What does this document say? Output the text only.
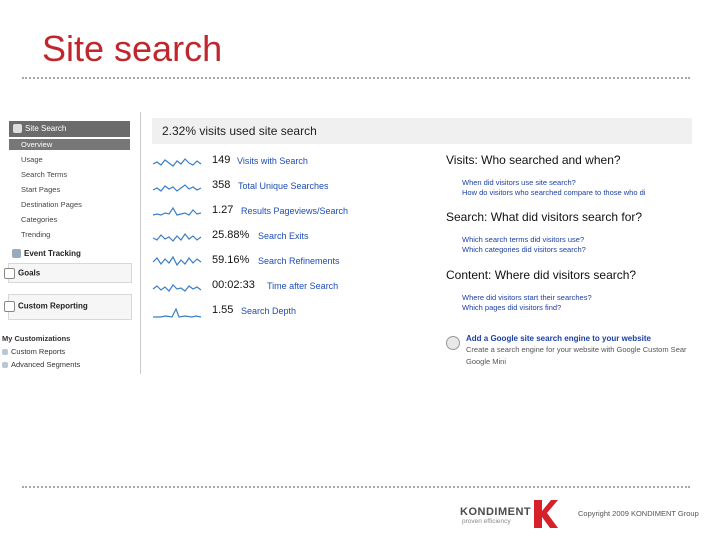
Site search
Site Search
Overview
Usage
Search Terms
Start Pages
Destination Pages
Categories
Trending
Event Tracking
Goals
Custom Reporting
My Customizations
Custom Reports
Advanced Segments
2.32% visits used site search
149 Visits with Search
358 Total Unique Searches
1.27 Results Pageviews/Search
25.88% Search Exits
59.16% Search Refinements
00:02:33 Time after Search
1.55 Search Depth
Visits: Who searched and when?
When did visitors use site search?
How do visitors who searched compare to those who di
Search: What did visitors search for?
Which search terms did visitors use?
Which categories did visitors search?
Content: Where did visitors search?
Where did visitors start their searches?
Which pages did visitors find?
Add a Google site search engine to your website
Create a search engine for your website with Google Custom Sear
Google Mini
KONDIMENT
proven efficiency
Copyright 2009 KONDIMENT Group
